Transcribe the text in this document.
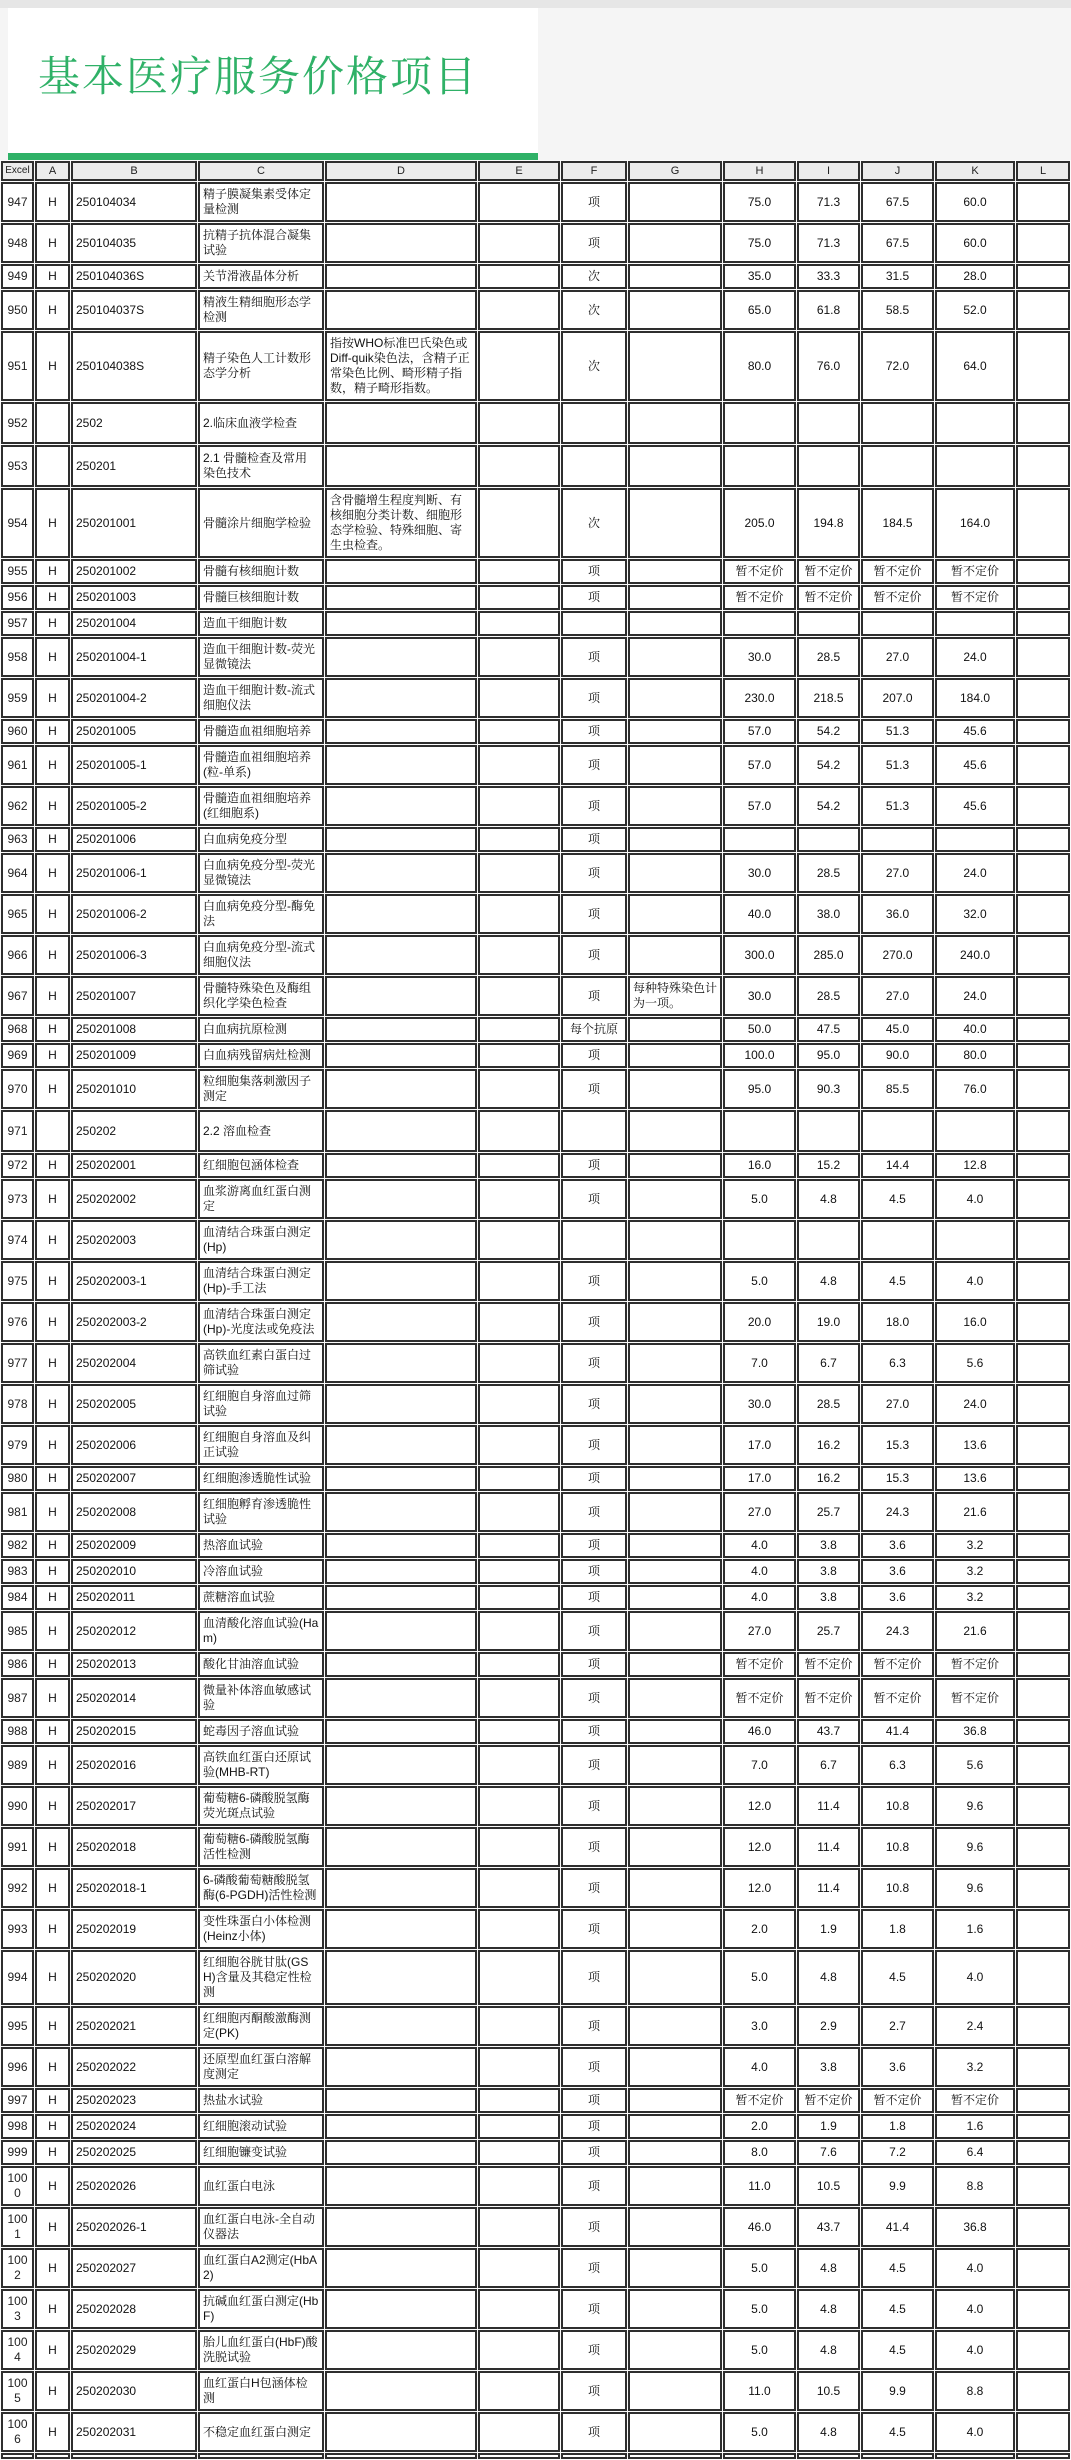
基本医疗服务价格项目
Excel	A	B	C	D	E	F	G	H	I	J	K	L
947	H	250104034	精子膜凝集素受体定量检测			项		75.0	71.3	67.5	60.0	
948	H	250104035	抗精子抗体混合凝集试验			项		75.0	71.3	67.5	60.0	
949	H	250104036S	关节滑液晶体分析			次		35.0	33.3	31.5	28.0	
950	H	250104037S	精液生精细胞形态学检测			次		65.0	61.8	58.5	52.0	
951	H	250104038S	精子染色人工计数形态学分析	指按WHO标准巴氏染色或Diff-quik染色法，含精子正常染色比例、畸形精子指数，精子畸形指数。		次		80.0	76.0	72.0	64.0	
952		2502	2.临床血液学检查									
953		250201	2.1 骨髓检查及常用染色技术									
954	H	250201001	骨髓涂片细胞学检验	含骨髓增生程度判断、有核细胞分类计数、细胞形态学检验、特殊细胞、寄生虫检查。		次		205.0	194.8	184.5	164.0	
955	H	250201002	骨髓有核细胞计数			项		暂不定价	暂不定价	暂不定价	暂不定价	
956	H	250201003	骨髓巨核细胞计数			项		暂不定价	暂不定价	暂不定价	暂不定价	
957	H	250201004	造血干细胞计数									
958	H	250201004-1	造血干细胞计数-荧光显微镜法			项		30.0	28.5	27.0	24.0	
959	H	250201004-2	造血干细胞计数-流式细胞仪法			项		230.0	218.5	207.0	184.0	
960	H	250201005	骨髓造血祖细胞培养			项		57.0	54.2	51.3	45.6	
961	H	250201005-1	骨髓造血祖细胞培养(粒-单系)			项		57.0	54.2	51.3	45.6	
962	H	250201005-2	骨髓造血祖细胞培养(红细胞系)			项		57.0	54.2	51.3	45.6	
963	H	250201006	白血病免疫分型			项						
964	H	250201006-1	白血病免疫分型-荧光显微镜法			项		30.0	28.5	27.0	24.0	
965	H	250201006-2	白血病免疫分型-酶免法			项		40.0	38.0	36.0	32.0	
966	H	250201006-3	白血病免疫分型-流式细胞仪法			项		300.0	285.0	270.0	240.0	
967	H	250201007	骨髓特殊染色及酶组织化学染色检查			项	每种特殊染色计为一项。	30.0	28.5	27.0	24.0	
968	H	250201008	白血病抗原检测			每个抗原		50.0	47.5	45.0	40.0	
969	H	250201009	白血病残留病灶检测			项		100.0	95.0	90.0	80.0	
970	H	250201010	粒细胞集落刺激因子测定			项		95.0	90.3	85.5	76.0	
971		250202	2.2 溶血检查									
972	H	250202001	红细胞包涵体检查			项		16.0	15.2	14.4	12.8	
973	H	250202002	血浆游离血红蛋白测定			项		5.0	4.8	4.5	4.0	
974	H	250202003	血清结合珠蛋白测定(Hp)									
975	H	250202003-1	血清结合珠蛋白测定(Hp)-手工法			项		5.0	4.8	4.5	4.0	
976	H	250202003-2	血清结合珠蛋白测定(Hp)-光度法或免疫法			项		20.0	19.0	18.0	16.0	
977	H	250202004	高铁血红素白蛋白过筛试验			项		7.0	6.7	6.3	5.6	
978	H	250202005	红细胞自身溶血过筛试验			项		30.0	28.5	27.0	24.0	
979	H	250202006	红细胞自身溶血及纠正试验			项		17.0	16.2	15.3	13.6	
980	H	250202007	红细胞渗透脆性试验			项		17.0	16.2	15.3	13.6	
981	H	250202008	红细胞孵育渗透脆性试验			项		27.0	25.7	24.3	21.6	
982	H	250202009	热溶血试验			项		4.0	3.8	3.6	3.2	
983	H	250202010	冷溶血试验			项		4.0	3.8	3.6	3.2	
984	H	250202011	蔗糖溶血试验			项		4.0	3.8	3.6	3.2	
985	H	250202012	血清酸化溶血试验(Ham)			项		27.0	25.7	24.3	21.6	
986	H	250202013	酸化甘油溶血试验			项		暂不定价	暂不定价	暂不定价	暂不定价	
987	H	250202014	微量补体溶血敏感试验			项		暂不定价	暂不定价	暂不定价	暂不定价	
988	H	250202015	蛇毒因子溶血试验			项		46.0	43.7	41.4	36.8	
989	H	250202016	高铁血红蛋白还原试验(MHB-RT)			项		7.0	6.7	6.3	5.6	
990	H	250202017	葡萄糖6-磷酸脱氢酶荧光斑点试验			项		12.0	11.4	10.8	9.6	
991	H	250202018	葡萄糖6-磷酸脱氢酶活性检测			项		12.0	11.4	10.8	9.6	
992	H	250202018-1	6-磷酸葡萄糖酸脱氢酶(6-PGDH)活性检测			项		12.0	11.4	10.8	9.6	
993	H	250202019	变性珠蛋白小体检测(Heinz小体)			项		2.0	1.9	1.8	1.6	
994	H	250202020	红细胞谷胱甘肽(GSH)含量及其稳定性检测			项		5.0	4.8	4.5	4.0	
995	H	250202021	红细胞丙酮酸激酶测定(PK)			项		3.0	2.9	2.7	2.4	
996	H	250202022	还原型血红蛋白溶解度测定			项		4.0	3.8	3.6	3.2	
997	H	250202023	热盐水试验			项		暂不定价	暂不定价	暂不定价	暂不定价	
998	H	250202024	红细胞滚动试验			项		2.0	1.9	1.8	1.6	
999	H	250202025	红细胞镰变试验			项		8.0	7.6	7.2	6.4	
1000	H	250202026	血红蛋白电泳			项		11.0	10.5	9.9	8.8	
1001	H	250202026-1	血红蛋白电泳-全自动仪器法			项		46.0	43.7	41.4	36.8	
1002	H	250202027	血红蛋白A2测定(HbA2)			项		5.0	4.8	4.5	4.0	
1003	H	250202028	抗碱血红蛋白测定(HbF)			项		5.0	4.8	4.5	4.0	
1004	H	250202029	胎儿血红蛋白(HbF)酸洗脱试验			项		5.0	4.8	4.5	4.0	
1005	H	250202030	血红蛋白H包涵体检测			项		11.0	10.5	9.9	8.8	
1006	H	250202031	不稳定血红蛋白测定			项		5.0	4.8	4.5	4.0	
